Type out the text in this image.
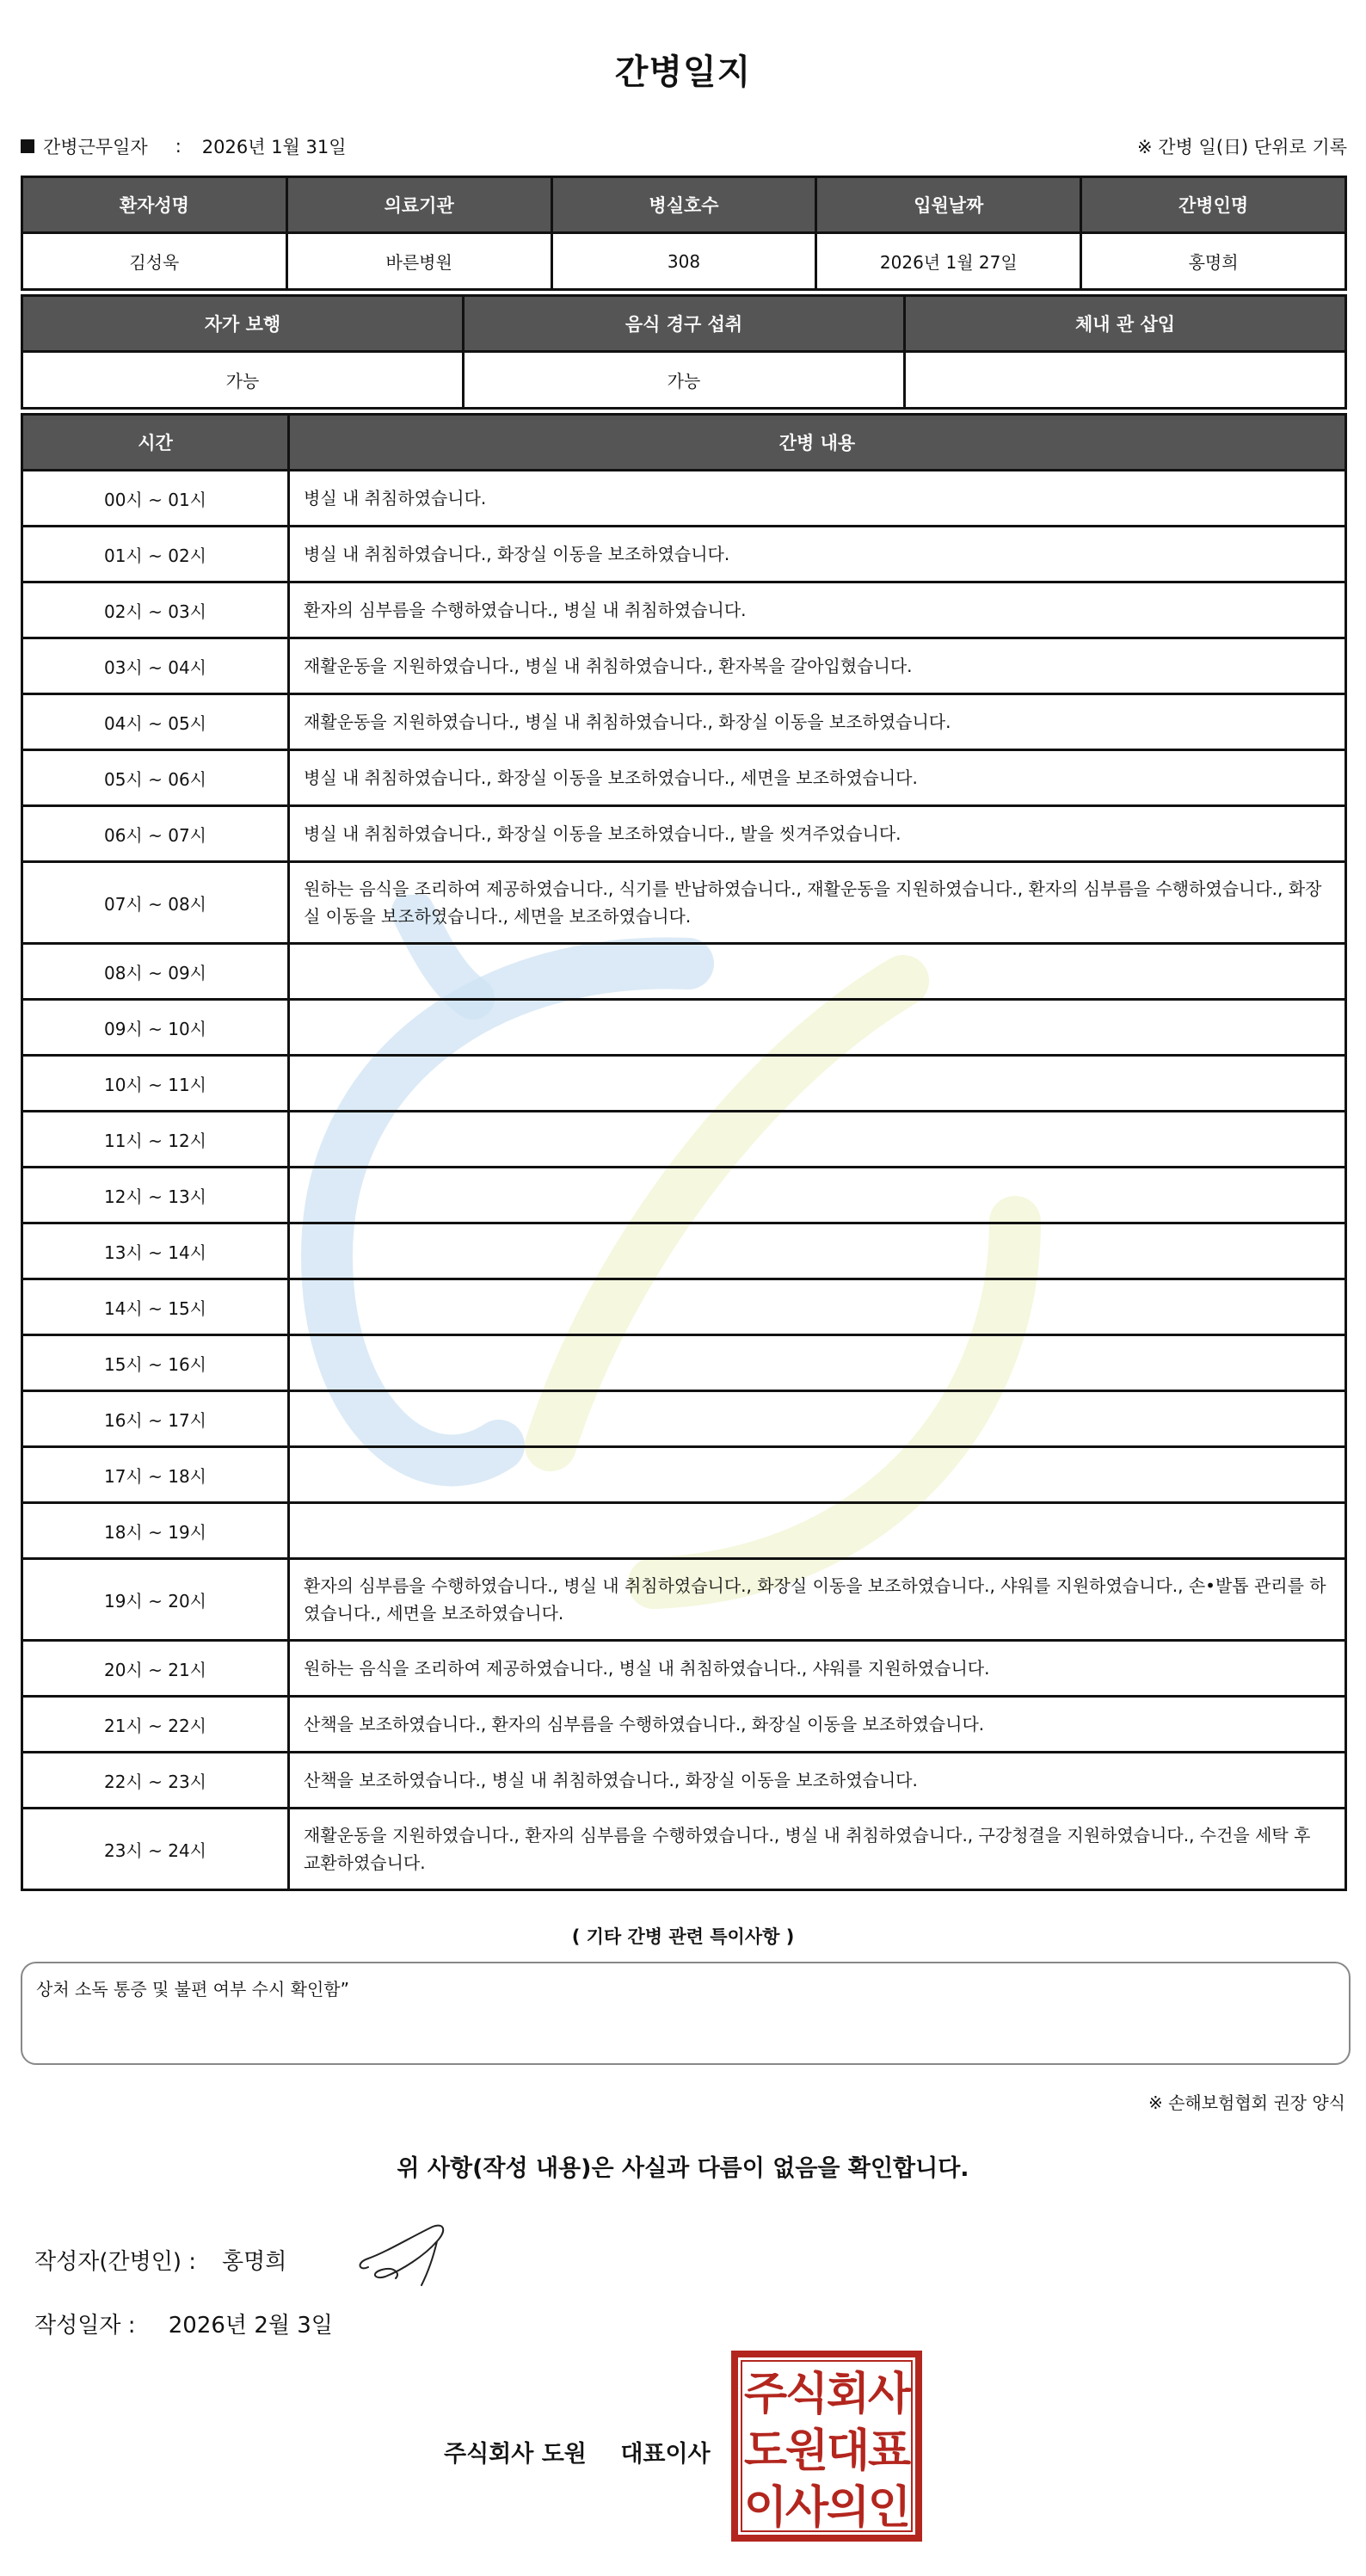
간병일지
간병근무일자 : 2026년 1월 31일	※ 간병 일(日) 단위로 기록
환자성명	의료기관	병실호수	입원날짜	간병인명
김성욱	바른병원	308	2026년 1월 27일	홍명희
자가 보행	음식 경구 섭취	체내 관 삽입
가능	가능	
시간	간병 내용
00시 ~ 01시	병실 내 취침하였습니다.
01시 ~ 02시	병실 내 취침하였습니다., 화장실 이동을 보조하였습니다.
02시 ~ 03시	환자의 심부름을 수행하였습니다., 병실 내 취침하였습니다.
03시 ~ 04시	재활운동을 지원하였습니다., 병실 내 취침하였습니다., 환자복을 갈아입혔습니다.
04시 ~ 05시	재활운동을 지원하였습니다., 병실 내 취침하였습니다., 화장실 이동을 보조하였습니다.
05시 ~ 06시	병실 내 취침하였습니다., 화장실 이동을 보조하였습니다., 세면을 보조하였습니다.
06시 ~ 07시	병실 내 취침하였습니다., 화장실 이동을 보조하였습니다., 발을 씻겨주었습니다.
07시 ~ 08시	원하는 음식을 조리하여 제공하였습니다., 식기를 반납하였습니다., 재활운동을 지원하였습니다., 환자의 심부름을 수행하였습니다., 화장실 이동을 보조하였습니다., 세면을 보조하였습니다.
08시 ~ 09시	
09시 ~ 10시	
10시 ~ 11시	
11시 ~ 12시	
12시 ~ 13시	
13시 ~ 14시	
14시 ~ 15시	
15시 ~ 16시	
16시 ~ 17시	
17시 ~ 18시	
18시 ~ 19시	
19시 ~ 20시	환자의 심부름을 수행하였습니다., 병실 내 취침하였습니다., 화장실 이동을 보조하였습니다., 샤워를 지원하였습니다., 손•발톱 관리를 하였습니다., 세면을 보조하였습니다.
20시 ~ 21시	원하는 음식을 조리하여 제공하였습니다., 병실 내 취침하였습니다., 샤워를 지원하였습니다.
21시 ~ 22시	산책을 보조하였습니다., 환자의 심부름을 수행하였습니다., 화장실 이동을 보조하였습니다.
22시 ~ 23시	산책을 보조하였습니다., 병실 내 취침하였습니다., 화장실 이동을 보조하였습니다.
23시 ~ 24시	재활운동을 지원하였습니다., 환자의 심부름을 수행하였습니다., 병실 내 취침하였습니다., 구강청결을 지원하였습니다., 수건을 세탁 후 교환하였습니다.
( 기타 간병 관련 특이사항 )
상처 소독 통증 및 불편 여부 수시 확인함”
※ 손해보험협회 권장 양식
위 사항(작성 내용)은 사실과 다름이 없음을 확인합니다.
작성자(간병인) : 홍명희
작성일자 : 2026년 2월 3일
주식회사 도원 대표이사
주
식
회
사
도
원
대
표
이
사
의
인
